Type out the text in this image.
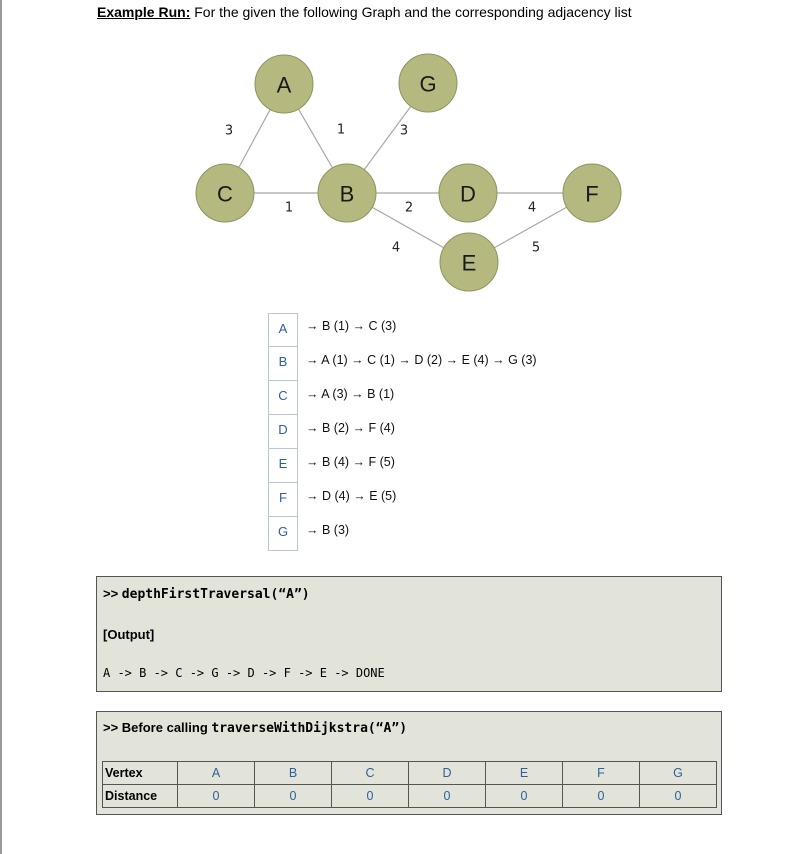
Example Run: For the given the following Graph and the corresponding adjacency list
3	1	3
1	2
4
4
5
A	G
C	B	D	F
E
A	→ B (1) → C (3)
B	→ A (1) → C (1) → D (2) → E (4) → G (3)
C	→ A (3) → B (1)
D	→ B (2) → F (4)
E	→ B (4) → F (5)
F	→ D (4) → E (5)
G	→ B (3)
>> depthFirstTraversal(“A”)
[Output]
A -> B -> C -> G -> D -> F -> E -> DONE
>> Before calling traverseWithDijkstra(“A”)
Vertex	A	B	C	D	E	F	G
Distance	0	0	0	0	0	0	0
